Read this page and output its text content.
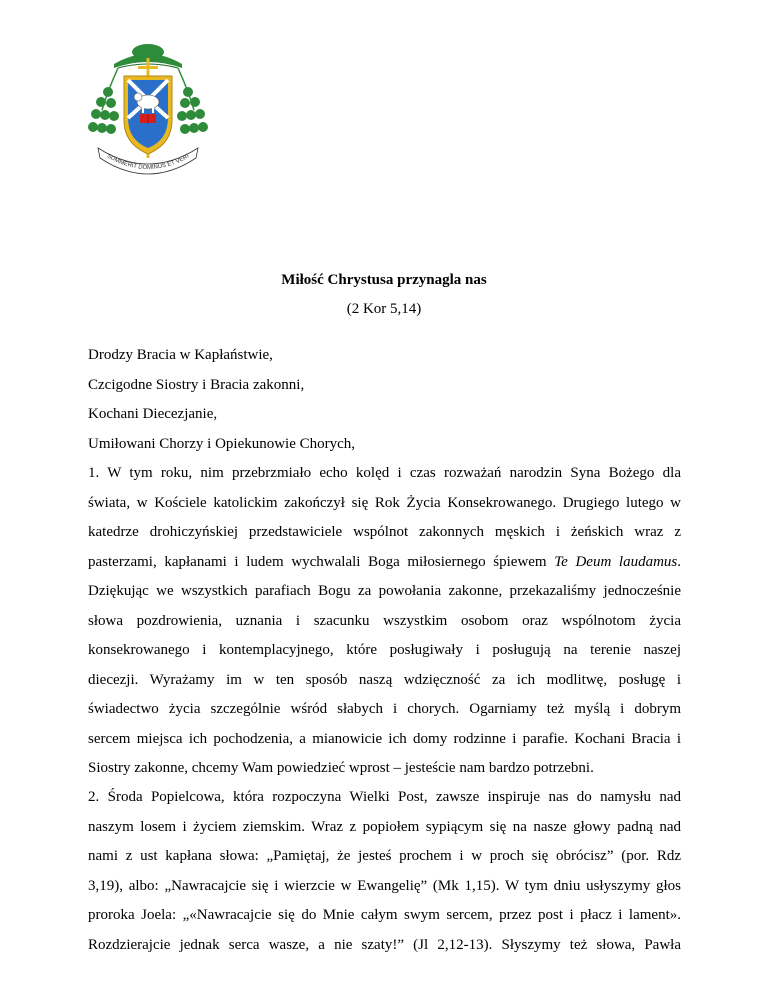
SUMMERIT DOMINUS ET VERI
Miłość Chrystusa przynagla nas
(2 Kor 5,14)
Drodzy Bracia w Kapłaństwie,
Czcigodne Siostry i Bracia zakonni,
Kochani Diecezjanie,
Umiłowani Chorzy i Opiekunowie Chorych,
1. W tym roku, nim przebrzmiało echo kolęd i czas rozważań narodzin Syna Bożego dla
świata, w Kościele katolickim zakończył się Rok Życia Konsekrowanego. Drugiego lutego w
katedrze drohiczyńskiej przedstawiciele wspólnot zakonnych męskich i żeńskich wraz z
pasterzami, kapłanami i ludem wychwalali Boga miłosiernego śpiewem Te Deum laudamus.
Dziękując we wszystkich parafiach Bogu za powołania zakonne, przekazaliśmy jednocześnie
słowa pozdrowienia, uznania i szacunku wszystkim osobom oraz wspólnotom życia
konsekrowanego i kontemplacyjnego, które posługiwały i posługują na terenie naszej
diecezji. Wyrażamy im w ten sposób naszą wdzięczność za ich modlitwę, posługę i
świadectwo życia szczególnie wśród słabych i chorych. Ogarniamy też myślą i dobrym
sercem miejsca ich pochodzenia, a mianowicie ich domy rodzinne i parafie. Kochani Bracia i
Siostry zakonne, chcemy Wam powiedzieć wprost – jesteście nam bardzo potrzebni.
2. Środa Popielcowa, która rozpoczyna Wielki Post, zawsze inspiruje nas do namysłu nad
naszym losem i życiem ziemskim. Wraz z popiołem sypiącym się na nasze głowy padną nad
nami z ust kapłana słowa: „Pamiętaj, że jesteś prochem i w proch się obrócisz” (por. Rdz
3,19), albo: „Nawracajcie się i wierzcie w Ewangelię” (Mk 1,15). W tym dniu usłyszymy głos
proroka Joela: „«Nawracajcie się do Mnie całym swym sercem, przez post i płacz i lament».
Rozdzierajcie jednak serca wasze, a nie szaty!” (Jl 2,12-13). Słyszymy też słowa, Pawła
